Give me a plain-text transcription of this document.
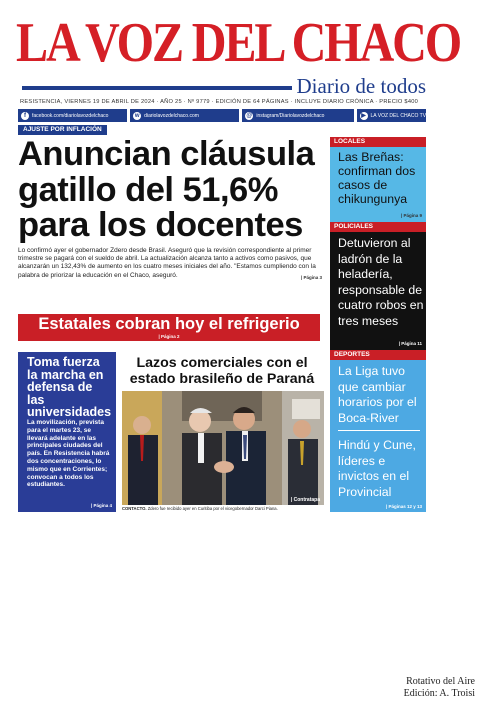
LA VOZ DEL CHACO
Diario de todos
RESISTENCIA, VIERNES 19 DE ABRIL DE 2024 · AÑO 25 · Nº 9779 · EDICIÓN DE 64 PÁGINAS · INCLUYE DIARIO CRÓNICA · PRECIO $400
f	facebook.com/diariolavozdelchaco	w diariolavozdelchaco.com	@ instagram/Diariolavozdelchaco	▶ LA VOZ DEL CHACO TV
AJUSTE POR INFLACIÓN
Anuncian cláusula gatillo del 51,6% para los docentes
Lo confirmó ayer el gobernador Zdero desde Brasil. Aseguró que la revisión correspondiente al primer trimestre se pagará con el sueldo de abril. La actualización alcanza tanto a activos como pasivos, que alcanzarán un 132,43% de aumento en los cuatro meses iniciales del año. "Estamos cumpliendo con la palabra de priorizar la educación en el Chaco, aseguró.	| Página 3
Estatales cobran hoy el refrigerio
| Página 2
Toma fuerza la marcha en defensa de las universidades

La movilización, prevista para el martes 23, se llevará adelante en las principales ciudades del país. En Resistencia habrá dos concentraciones, lo mismo que en Corrientes; convocan a todos los estudiantes.

| Página 4
Lazos comerciales con el estado brasileño de Paraná
| Contratapa
CONTACTO. Zdero fue recibido ayer en Curitiba por el vicegobernador Darci Piana.
LOCALES
Las Breñas: confirman dos casos de chikungunya
| Página 9
POLICIALES
Detuvieron al ladrón de la heladería, responsable de cuatro robos en tres meses
| Página 11
DEPORTES
La Liga tuvo que cambiar horarios por el Boca-River
Hindú y Cune, líderes e invictos en el Provincial
| Páginas 12 y 13
Rotativo del Aire
Edición: A. Troisi
